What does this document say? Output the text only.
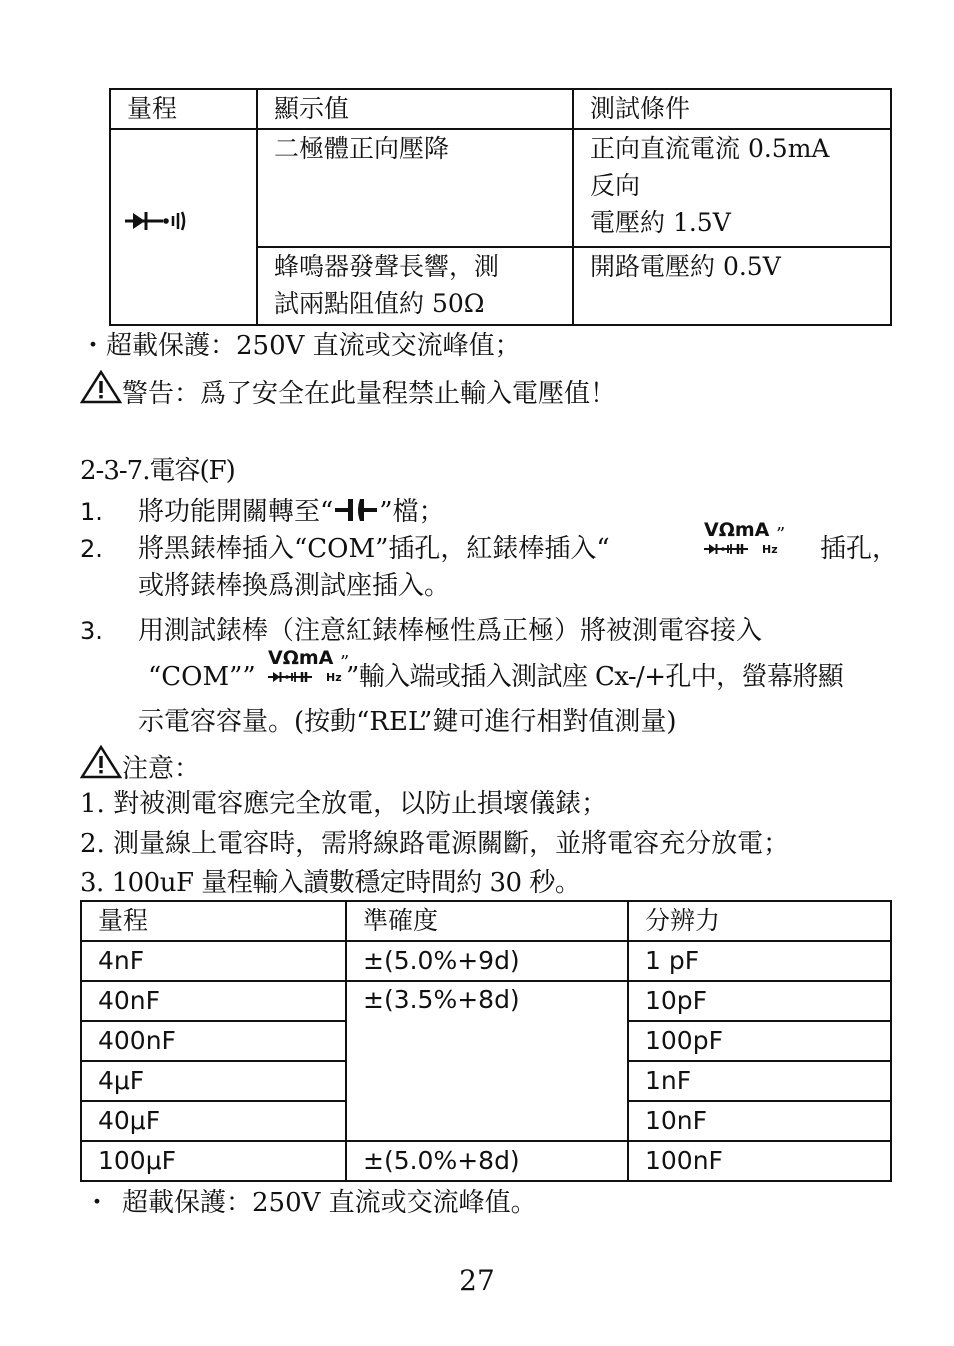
量程	顯示值	測試條件
	二極體正向壓降	正向直流電流 0.5mA
反向
電壓約 1.5V

	蜂鳴器發聲長響，測
試兩點阻值約 50Ω	開路電壓約 0.5V
・超載保護：250V 直流或交流峰值；
警告：爲了安全在此量程禁止輸入電壓值！
2-3-7.電容(F)
1. 將功能開關轉至“ ”檔；
2. 將黑錶棒插入“COM”插孔，紅錶棒插入“
VΩmA ”
Hz 插孔，
或將錶棒換爲測試座插入。
3. 用測試錶棒（注意紅錶棒極性爲正極）將被測電容接入
“COM””
VΩmA ”
Hz ”輸入端或插入測試座 Cx-/+孔中，螢幕將顯
示電容容量。(按動“REL”鍵可進行相對值測量)
注意：
1. 對被測電容應完全放電，以防止損壞儀錶；
2. 測量線上電容時，需將線路電源關斷，並將電容充分放電；
3. 100uF 量程輸入讀數穩定時間約 30 秒。
量程	準確度	分辨力
4nF	±(5.0%+9d)	1 pF
40nF	±(3.5%+8d)	10pF
400nF		100pF
4μF		1nF
40μF		10nF
100μF	±(5.0%+8d)	100nF
・ 超載保護：250V 直流或交流峰值。
27
